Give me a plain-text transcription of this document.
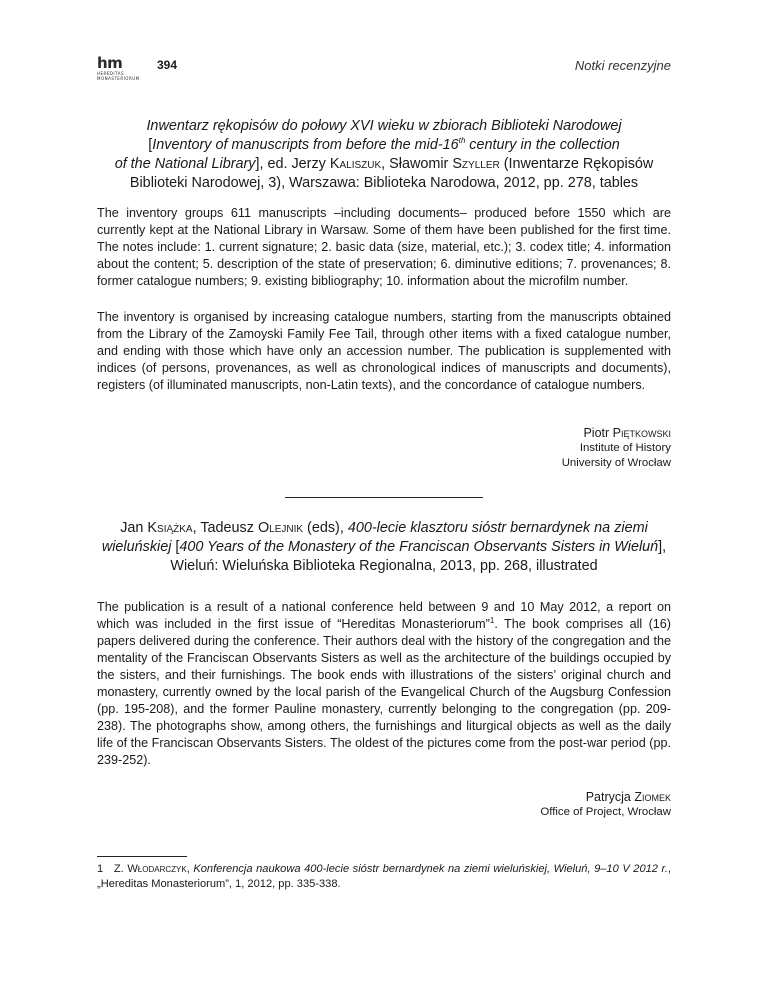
hm
HEREDITAS
MONASTERIORUM
394	Notki recenzyjne
Inwentarz rękopisów do połowy XVI wieku w zbiorach Biblioteki Narodowej
[Inventory of manuscripts from before the mid-16th century in the collection
of the National Library], ed. Jerzy Kaliszuk, Sławomir Szyller (Inwentarze Rękopisów
Biblioteki Narodowej, 3), Warszawa: Biblioteka Narodowa, 2012, pp. 278, tables

The inventory groups 611 manuscripts –including documents– produced before 1550 which are currently kept at the National Library in Warsaw. Some of them have been published for the first time. The notes include: 1. current signature; 2. basic data (size, material, etc.); 3. codex title; 4. information about the content; 5. description of the state of preservation; 6. diminutive editions; 7. provenances; 8. former catalogue numbers; 9. existing bibliography; 10. information about the microfilm number.

The inventory is organised by increasing catalogue numbers, starting from the manuscripts obtained from the Library of the Zamoyski Family Fee Tail, through other items with a fixed catalogue number, and ending with those which have only an accession number. The publication is supplemented with indices (of persons, provenances, as well as chronological indices of manuscripts and documents), registers (of illuminated manuscripts, non-Latin texts), and the concordance of catalogue numbers.

Piotr Piętkowski
Institute of History
University of Wrocław
Jan Książka, Tadeusz Olejnik (eds), 400-lecie klasztoru sióstr bernardynek na ziemi
wieluńskiej [400 Years of the Monastery of the Franciscan Observants Sisters in Wieluń],
Wieluń: Wieluńska Biblioteka Regionalna, 2013, pp. 268, illustrated

The publication is a result of a national conference held between 9 and 10 May 2012, a report on which was included in the first issue of “Hereditas Monasteriorum”$^1$. The book comprises all (16) papers delivered during the conference. Their authors deal with the history of the congregation and the mentality of the Franciscan Observants Sisters as well as the architecture of the buildings occupied by the sisters, and their furnishings. The book ends with illustrations of the sisters’ original church and monastery, currently owned by the local parish of the Evangelical Church of the Augsburg Confession (pp. 195-208), and the former Pauline monastery, currently belonging to the congregation (pp. 209-238). The photographs show, among others, the furnishings and liturgical objects as well as the daily life of the Franciscan Observants Sisters. The oldest of the pictures come from the post-war period (pp. 239-252).

Patrycja Ziomek
Office of Project, Wrocław

1 Z. Włodarczyk, Konferencja naukowa 400-lecie sióstr bernardynek na ziemi wieluńskiej, Wieluń, 9–10 V 2012 r., „Hereditas Monasteriorum”, 1, 2012, pp. 335-338.
